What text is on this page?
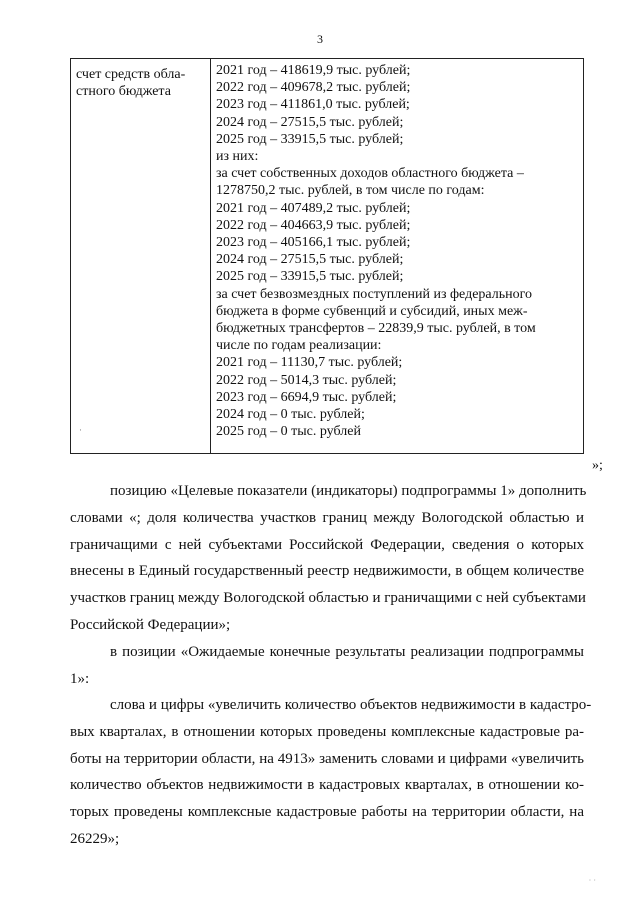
3
счет средств обла-
стного бюджета
·
2021 год – 418619,9 тыс. рублей;
2022 год – 409678,2 тыс. рублей;
2023 год – 411861,0 тыс. рублей;
2024 год – 27515,5 тыс. рублей;
2025 год – 33915,5 тыс. рублей;
из них:
за счет собственных доходов областного бюджета –
1278750,2 тыс. рублей, в том числе по годам:
2021 год – 407489,2 тыс. рублей;
2022 год – 404663,9 тыс. рублей;
2023 год – 405166,1 тыс. рублей;
2024 год – 27515,5 тыс. рублей;
2025 год – 33915,5 тыс. рублей;
за счет безвозмездных поступлений из федерального
бюджета в форме субвенций и субсидий, иных меж-
бюджетных трансфертов – 22839,9 тыс. рублей, в том
числе по годам реализации:
2021 год – 11130,7 тыс. рублей;
2022 год – 5014,3 тыс. рублей;
2023 год – 6694,9 тыс. рублей;
2024 год – 0 тыс. рублей;
2025 год – 0 тыс. рублей
»;
позицию «Целевые показатели (индикаторы) подпрограммы 1» дополнить
словами «; доля количества участков границ между Вологодской областью и
граничащими с ней субъектами Российской Федерации, сведения о которых
внесены в Единый государственный реестр недвижимости, в общем количестве
участков границ между Вологодской областью и граничащими с ней субъектами
Российской Федерации»;
в позиции «Ожидаемые конечные результаты реализации подпрограммы
1»:
слова и цифры «увеличить количество объектов недвижимости в кадастро-
вых кварталах, в отношении которых проведены комплексные кадастровые ра-
боты на территории области, на 4913» заменить словами и цифрами «увеличить
количество объектов недвижимости в кадастровых кварталах, в отношении ко-
торых проведены комплексные кадастровые работы на территории области, на
26229»;
· ·
